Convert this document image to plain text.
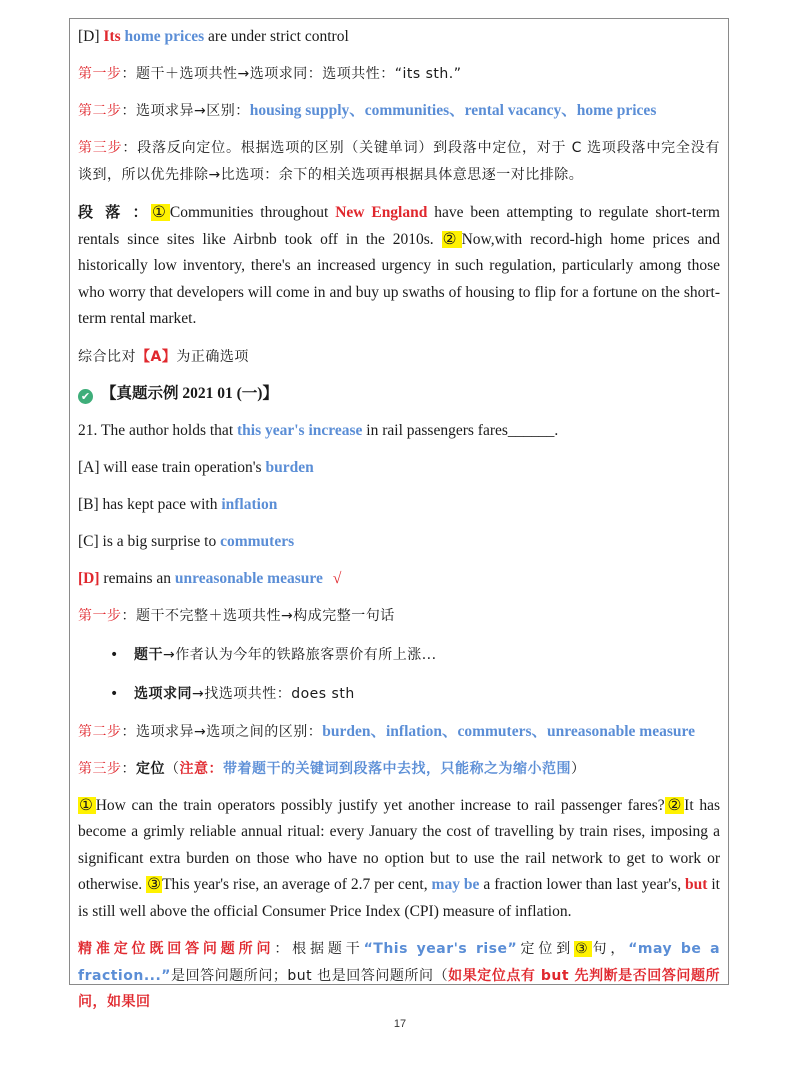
[D] Its home prices are under strict control
第一步：题干＋选项共性→选项求同：选项共性：“its sth.”
第二步：选项求异→区别：housing supply、communities、rental vacancy、home prices
第三步：段落反向定位。根据选项的区别（关键单词）到段落中定位，对于 C 选项段落中完全没有谈到，所以优先排除→比选项：余下的相关选项再根据具体意思逐一对比排除。
段 落 ：①Communities throughout New England have been attempting to regulate short-term rentals since sites like Airbnb took off in the 2010s. ②Now,with record-high home prices and historically low inventory, there's an increased urgency in such regulation, particularly among those who worry that developers will come in and buy up swaths of housing to flip for a fortune on the short-term rental market.
综合比对【A】为正确选项
✔ 【真题示例 2021 01 (一)】
21. The author holds that this year's increase in rail passengers fares______.
[A] will ease train operation's burden
[B] has kept pace with inflation
[C] is a big surprise to commuters
[D] remains an unreasonable measure √
第一步：题干不完整＋选项共性→构成完整一句话
• 题干→作者认为今年的铁路旅客票价有所上涨...
• 选项求同→找选项共性：does sth
第二步：选项求异→选项之间的区别：burden、inflation、commuters、unreasonable measure
第三步：定位（注意：带着题干的关键词到段落中去找，只能称之为缩小范围）
①How can the train operators possibly justify yet another increase to rail passenger fares?②It has become a grimly reliable annual ritual: every January the cost of travelling by train rises, imposing a significant extra burden on those who have no option but to use the rail network to get to work or otherwise. ③This year's rise, an average of 2.7 per cent, may be a fraction lower than last year's, but it is still well above the official Consumer Price Index (CPI) measure of inflation.
精准定位既回答问题所问：根据题干“This year's rise”定位到③句，“may be a fraction...”是回答问题所问；but 也是回答问题所问（如果定位点有 but 先判断是否回答问题所问，如果回
17
